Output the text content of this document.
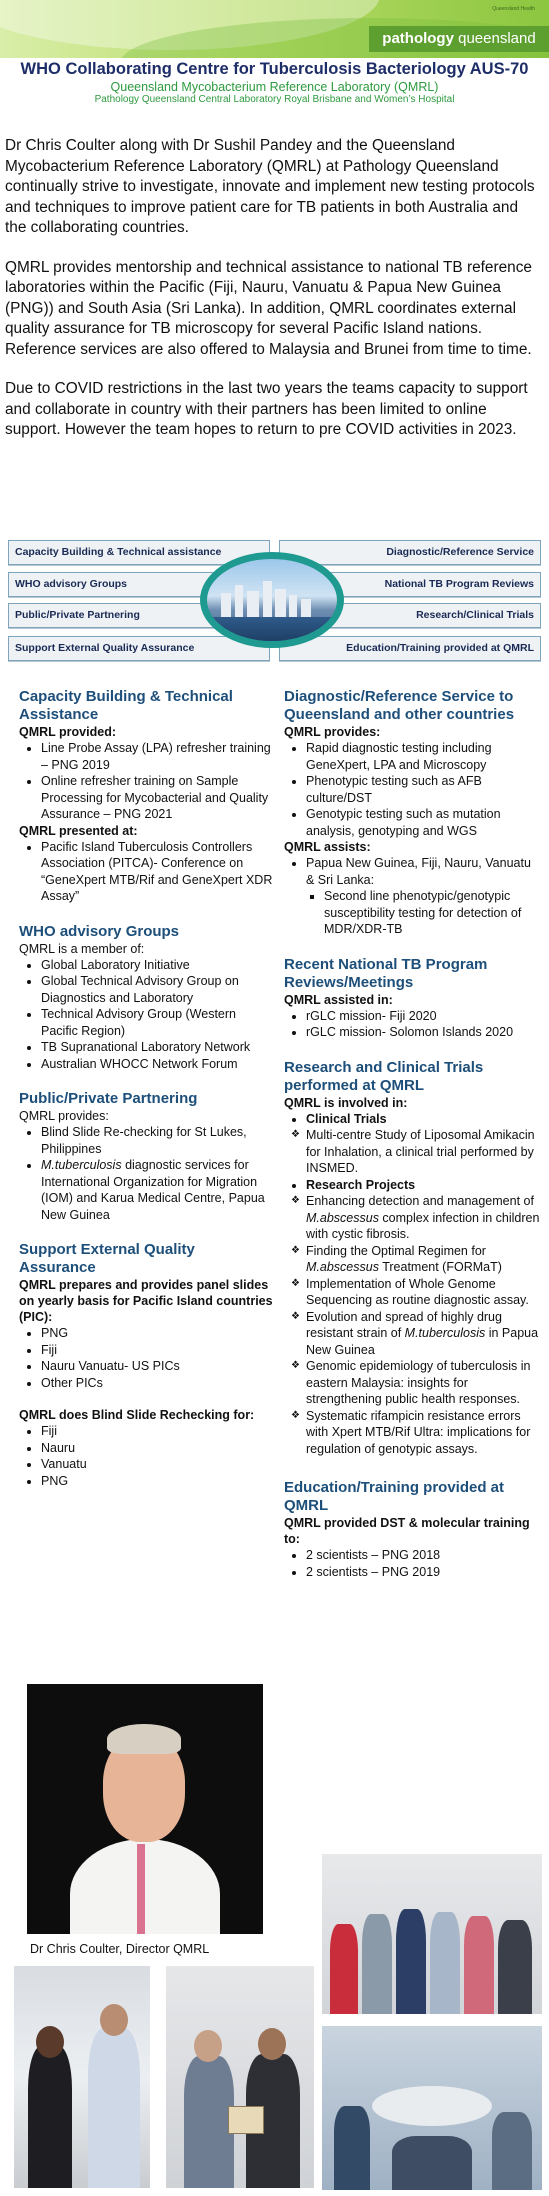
Queensland Health
pathology queensland
WHO Collaborating Centre for Tuberculosis Bacteriology AUS-70
Queensland Mycobacterium Reference Laboratory (QMRL)
Pathology Queensland Central Laboratory Royal Brisbane and Women’s Hospital

Dr Chris Coulter along with Dr Sushil Pandey and the Queensland Mycobacterium Reference Laboratory (QMRL) at Pathology Queensland continually strive to investigate, innovate and implement new testing protocols and techniques to improve patient care for TB patients in both Australia and the collaborating countries.

QMRL provides mentorship and technical assistance to national TB reference laboratories within the Pacific (Fiji, Nauru, Vanuatu & Papua New Guinea (PNG)) and South Asia (Sri Lanka). In addition, QMRL coordinates external quality assurance for TB microscopy for several Pacific Island nations. Reference services are also offered to Malaysia and Brunei from time to time.

Due to COVID restrictions in the last two years the teams capacity to support and collaborate in country with their partners has been limited to online support. However the team hopes to return to pre COVID activities in 2023.

Capacity Building & Technical assistance
WHO advisory Groups
Public/Private Partnering
Support External Quality Assurance
Diagnostic/Reference Service
National TB Program Reviews
Research/Clinical Trials
Education/Training provided at QMRL
Capacity Building & Technical Assistance
QMRL provided:
• Line Probe Assay (LPA) refresher training – PNG 2019
• Online refresher training on Sample Processing for Mycobacterial and Quality Assurance – PNG 2021
QMRL presented at:
• Pacific Island Tuberculosis Controllers Association (PITCA)- Conference on “GeneXpert MTB/Rif and GeneXpert XDR Assay”
WHO advisory Groups
QMRL is a member of:
• Global Laboratory Initiative
• Global Technical Advisory Group on Diagnostics and Laboratory
• Technical Advisory Group (Western Pacific Region)
• TB Supranational Laboratory Network
• Australian WHOCC Network Forum
Public/Private Partnering
QMRL provides:
• Blind Slide Re-checking for St Lukes, Philippines
• M.tuberculosis diagnostic services for International Organization for Migration (IOM) and Karua Medical Centre, Papua New Guinea
Support External Quality Assurance
QMRL prepares and provides panel slides on yearly basis for Pacific Island countries (PIC):
• PNG
• Fiji
• Nauru Vanuatu- US PICs
• Other PICs
QMRL does Blind Slide Rechecking for:
• Fiji
• Nauru
• Vanuatu
• PNG
Diagnostic/Reference Service to Queensland and other countries
QMRL provides:
• Rapid diagnostic testing including GeneXpert, LPA and Microscopy
• Phenotypic testing such as AFB culture/DST
• Genotypic testing such as mutation analysis, genotyping and WGS
QMRL assists:
• Papua New Guinea, Fiji, Nauru, Vanuatu & Sri Lanka:
▪ Second line phenotypic/genotypic susceptibility testing for detection of MDR/XDR-TB
Recent National TB Program Reviews/Meetings
QMRL assisted in:
• rGLC mission- Fiji 2020
• rGLC mission- Solomon Islands 2020
Research and Clinical Trials performed at QMRL
QMRL is involved in:
• Clinical Trials
❖ Multi-centre Study of Liposomal Amikacin for Inhalation, a clinical trial performed by INSMED.
• Research Projects
❖ Enhancing detection and management of M.abscessus complex infection in children with cystic fibrosis.
❖ Finding the Optimal Regimen for M.abscessus Treatment (FORMaT)
❖ Implementation of Whole Genome Sequencing as routine diagnostic assay.
❖ Evolution and spread of highly drug resistant strain of M.tuberculosis in Papua New Guinea
❖ Genomic epidemiology of tuberculosis in eastern Malaysia: insights for strengthening public health responses.
❖ Systematic rifampicin resistance errors with Xpert MTB/Rif Ultra: implications for regulation of genotypic assays.
Education/Training provided at QMRL
QMRL provided DST & molecular training to:
• 2 scientists – PNG 2018
• 2 scientists – PNG 2019
Dr Chris Coulter, Director QMRL
